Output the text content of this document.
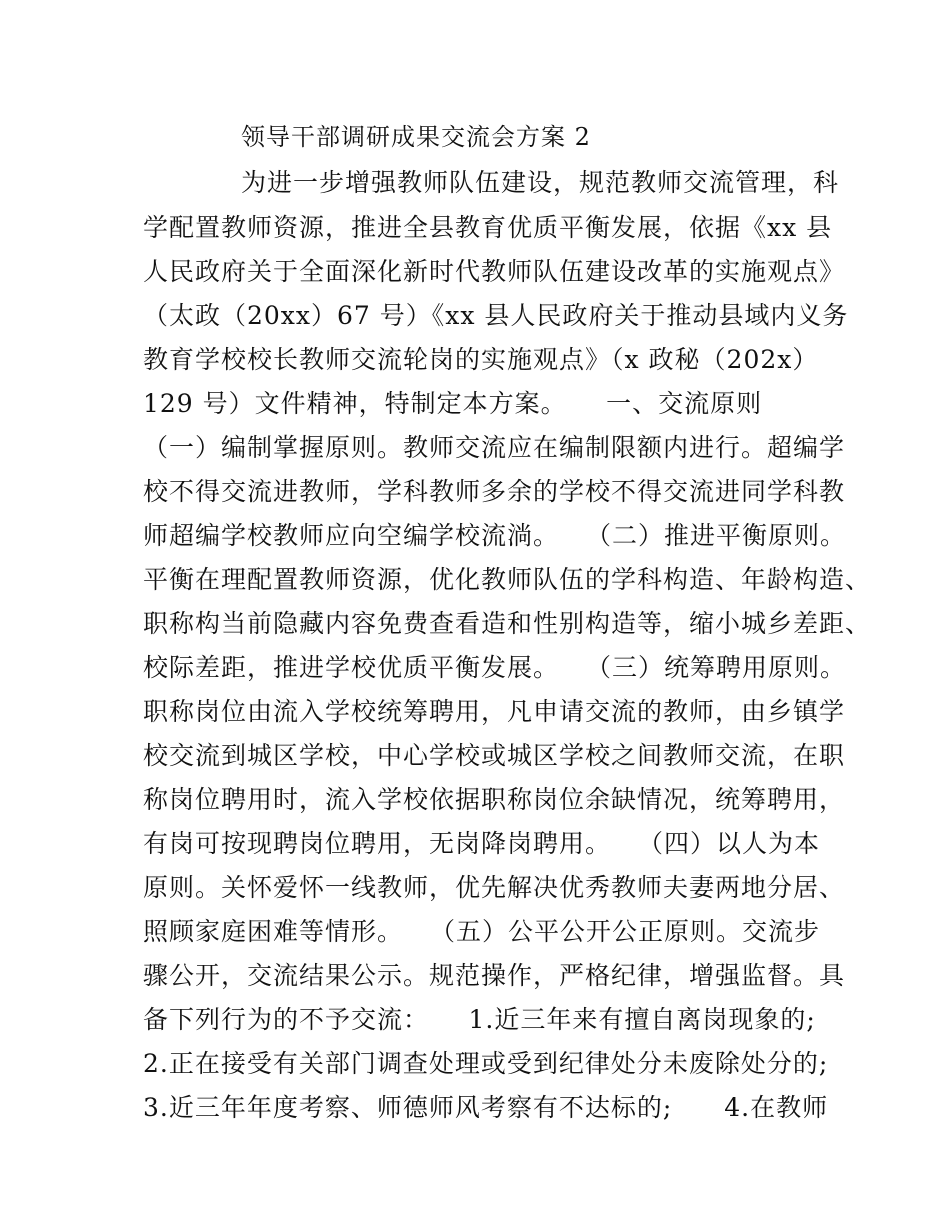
领导干部调研成果交流会方案 2
为进一步增强教师队伍建设，规范教师交流管理，科
学配置教师资源，推进全县教育优质平衡发展，依据《xx 县
人民政府关于全面深化新时代教师队伍建设改革的实施观点》
（太政（20xx）67 号）《xx 县人民政府关于推动县域内义务
教育学校校长教师交流轮岗的实施观点》（x 政秘（202x）
129 号）文件精神，特制定本方案。　　一、交流原则
（一）编制掌握原则。教师交流应在编制限额内进行。超编学
校不得交流进教师，学科教师多余的学校不得交流进同学科教
师超编学校教师应向空编学校流淌。　　（二）推进平衡原则。
平衡在理配置教师资源，优化教师队伍的学科构造、年龄构造、
职称构当前隐藏内容免费查看造和性别构造等，缩小城乡差距、
校际差距，推进学校优质平衡发展。　　（三）统筹聘用原则。
职称岗位由流入学校统筹聘用，凡申请交流的教师，由乡镇学
校交流到城区学校，中心学校或城区学校之间教师交流，在职
称岗位聘用时，流入学校依据职称岗位余缺情况，统筹聘用，
有岗可按现聘岗位聘用，无岗降岗聘用。　　（四）以人为本
原则。关怀爱怀一线教师，优先解决优秀教师夫妻两地分居、
照顾家庭困难等情形。　　（五）公平公开公正原则。交流步
骤公开，交流结果公示。规范操作，严格纪律，增强监督。具
备下列行为的不予交流：　　1.近三年来有擅自离岗现象的;
2.正在接受有关部门调查处理或受到纪律处分未废除处分的;
3.近三年年度考察、师德师风考察有不达标的;　　4.在教师
